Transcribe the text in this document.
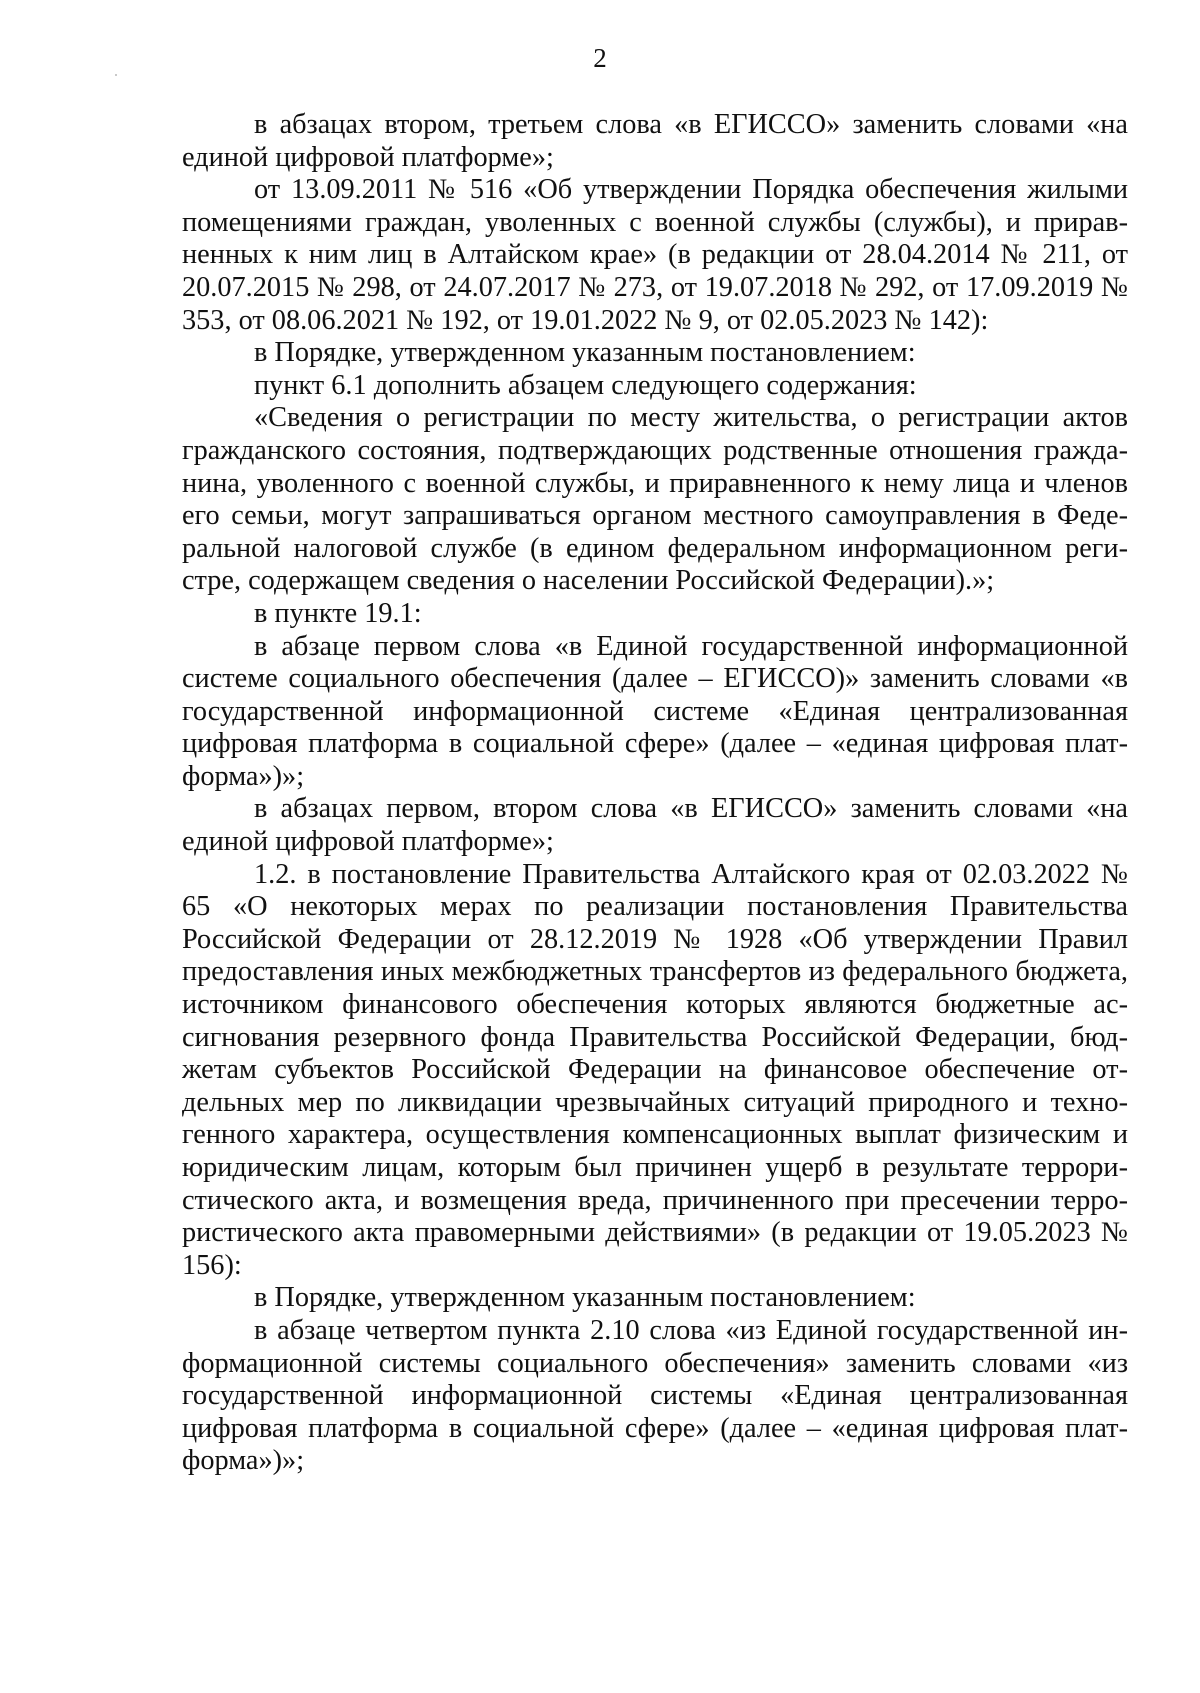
2

в абзацах втором, третьем слова «в ЕГИССО» заменить словами «на единой цифровой платформе»;

от 13.09.2011 № 516 «Об утверждении Порядка обеспечения жилыми помещениями граждан, уволенных с военной службы (службы), и приравненных к ним лиц в Алтайском крае» (в редакции от 28.04.2014 № 211, от 20.07.2015 № 298, от 24.07.2017 № 273, от 19.07.2018 № 292, от 17.09.2019 № 353, от 08.06.2021 № 192, от 19.01.2022 № 9, от 02.05.2023 № 142):

в Порядке, утвержденном указанным постановлением:

пункт 6.1 дополнить абзацем следующего содержания:

«Сведения о регистрации по месту жительства, о регистрации актов гражданского состояния, подтверждающих родственные отношения гражданина, уволенного с военной службы, и приравненного к нему лица и членов его семьи, могут запрашиваться органом местного самоуправления в Федеральной налоговой службе (в едином федеральном информационном регистре, содержащем сведения о населении Российской Федерации).»;

в пункте 19.1:

в абзаце первом слова «в Единой государственной информационной системе социального обеспечения (далее – ЕГИССО)» заменить словами «в государственной информационной системе «Единая централизованная цифровая платформа в социальной сфере» (далее – «единая цифровая платформа»)»;

в абзацах первом, втором слова «в ЕГИССО» заменить словами «на единой цифровой платформе»;

1.2. в постановление Правительства Алтайского края от 02.03.2022 № 65 «О некоторых мерах по реализации постановления Правительства Российской Федерации от 28.12.2019 № 1928 «Об утверждении Правил предоставления иных межбюджетных трансфертов из федерального бюджета, источником финансового обеспечения которых являются бюджетные ассигнования резервного фонда Правительства Российской Федерации, бюджетам субъектов Российской Федерации на финансовое обеспечение отдельных мер по ликвидации чрезвычайных ситуаций природного и техногенного характера, осуществления компенсационных выплат физическим и юридическим лицам, которым был причинен ущерб в результате террористического акта, и возмещения вреда, причиненного при пресечении террористического акта правомерными действиями» (в редакции от 19.05.2023 № 156):

в Порядке, утвержденном указанным постановлением:

в абзаце четвертом пункта 2.10 слова «из Единой государственной информационной системы социального обеспечения» заменить словами «из государственной информационной системы «Единая централизованная цифровая платформа в социальной сфере» (далее – «единая цифровая платформа»)»;
